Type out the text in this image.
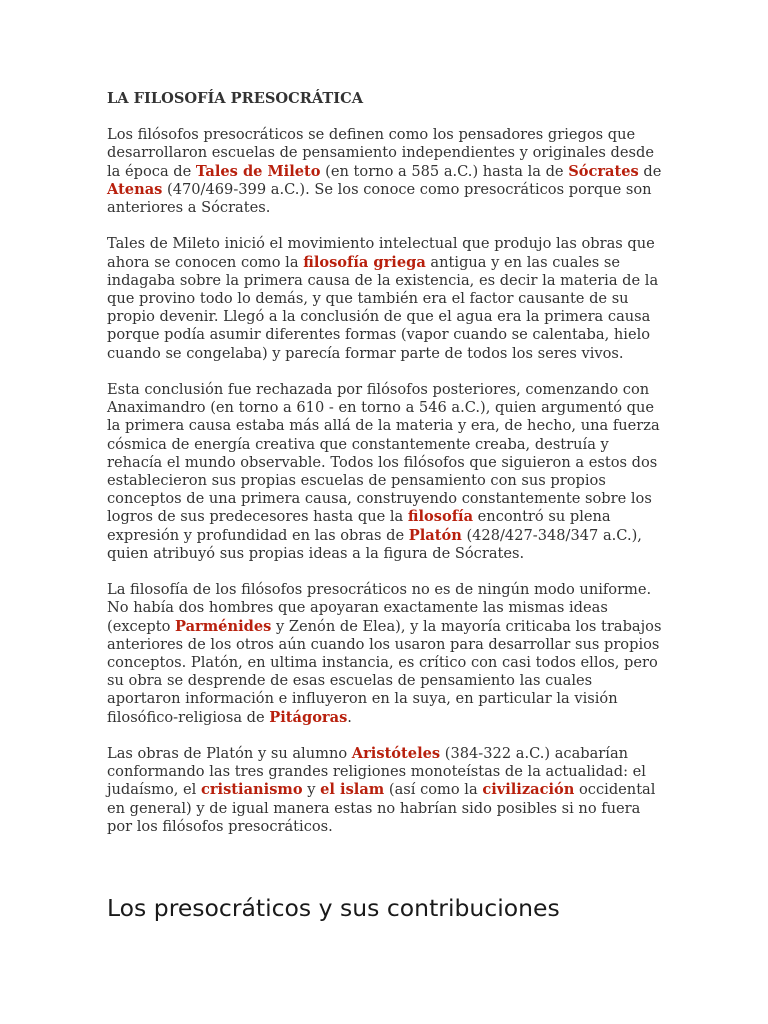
LA FILOSOFÍA PRESOCRÁTICA

Los filósofos presocráticos se definen como los pensadores griegos que desarrollaron escuelas de pensamiento independientes y originales desde la época de Tales de Mileto (en torno a 585 a.C.) hasta la de Sócrates de Atenas (470/469-399 a.C.). Se los conoce como presocráticos porque son anteriores a Sócrates.

Tales de Mileto inició el movimiento intelectual que produjo las obras que ahora se conocen como la filosofía griega antigua y en las cuales se indagaba sobre la primera causa de la existencia, es decir la materia de la que provino todo lo demás, y que también era el factor causante de su propio devenir. Llegó a la conclusión de que el agua era la primera causa porque podía asumir diferentes formas (vapor cuando se calentaba, hielo cuando se congelaba) y parecía formar parte de todos los seres vivos.

Esta conclusión fue rechazada por filósofos posteriores, comenzando con Anaximandro (en torno a 610 - en torno a 546 a.C.), quien argumentó que la primera causa estaba más allá de la materia y era, de hecho, una fuerza cósmica de energía creativa que constantemente creaba, destruía y rehacía el mundo observable. Todos los filósofos que siguieron a estos dos establecieron sus propias escuelas de pensamiento con sus propios conceptos de una primera causa, construyendo constantemente sobre los logros de sus predecesores hasta que la filosofía encontró su plena expresión y profundidad en las obras de Platón (428/427-348/347 a.C.), quien atribuyó sus propias ideas a la figura de Sócrates.

La filosofía de los filósofos presocráticos no es de ningún modo uniforme. No había dos hombres que apoyaran exactamente las mismas ideas (excepto Parménides y Zenón de Elea), y la mayoría criticaba los trabajos anteriores de los otros aún cuando los usaron para desarrollar sus propios conceptos. Platón, en ultima instancia, es crítico con casi todos ellos, pero su obra se desprende de esas escuelas de pensamiento las cuales aportaron información e influyeron en la suya, en particular la visión filosófico-religiosa de Pitágoras.

Las obras de Platón y su alumno Aristóteles (384-322 a.C.) acabarían conformando las tres grandes religiones monoteístas de la actualidad: el judaísmo, el cristianismo y el islam (así como la civilización occidental en general) y de igual manera estas no habrían sido posibles si no fuera por los filósofos presocráticos.

Los presocráticos y sus contribuciones
